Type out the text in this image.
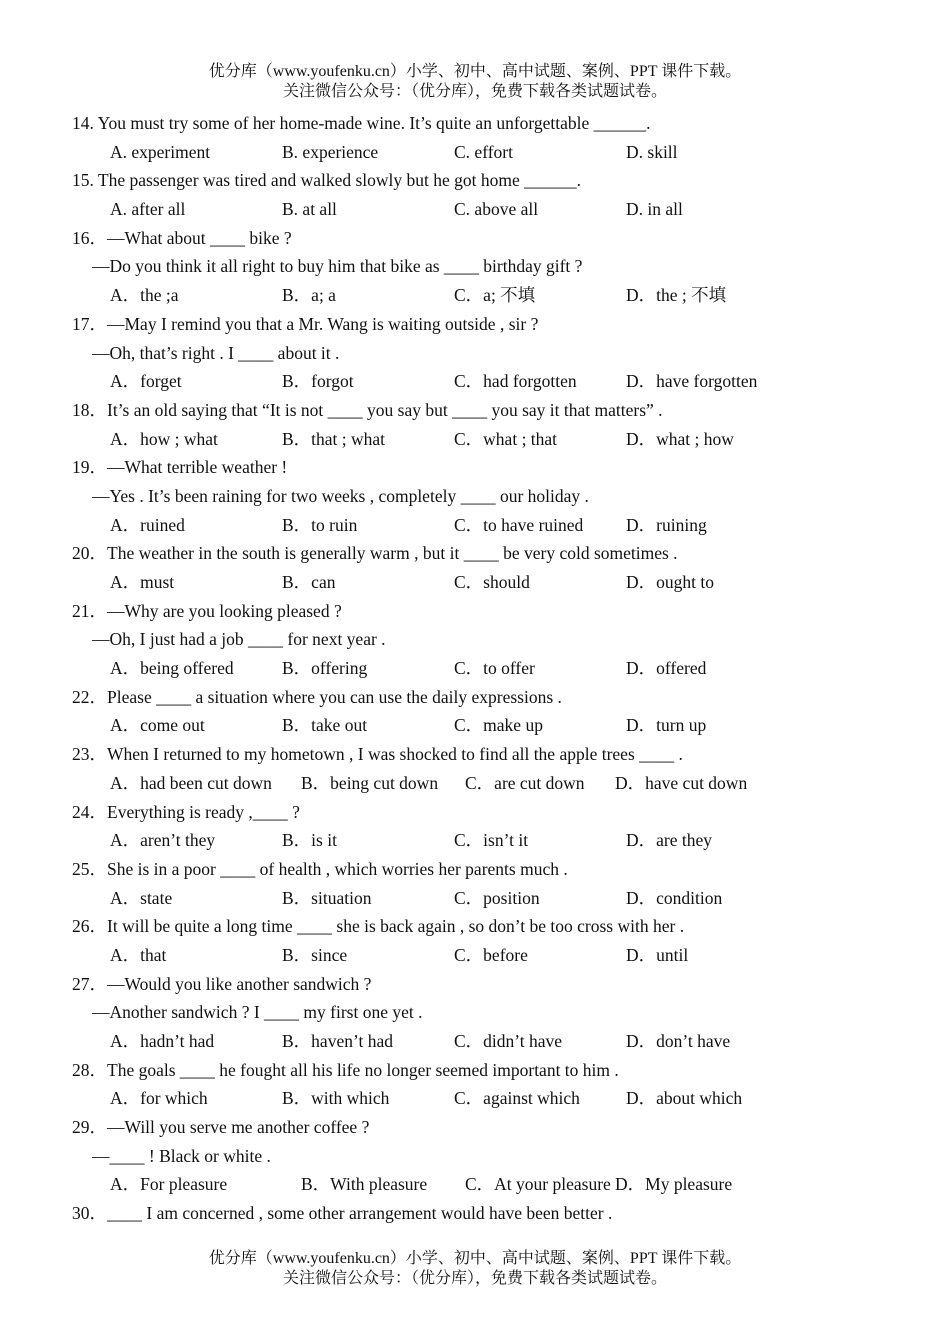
优分库（www.youfenku.cn）小学、初中、高中试题、案例、PPT 课件下载。
关注微信公众号：（优分库），免费下载各类试题试卷。
14. You must try some of her home-made wine. It’s quite an unforgettable ______.
A. experiment	B. experience	C. effort	D. skill
15. The passenger was tired and walked slowly but he got home ______.
A. after all	B. at all	C. above all	D. in all
16．—What about ____ bike ?
—Do you think it all right to buy him that bike as ____ birthday gift ?
A．the ;a	B．a; a	C．a; 不填	D．the ; 不填
17．—May I remind you that a Mr. Wang is waiting outside , sir ?
—Oh, that’s right . I ____ about it .
A．forget	B．forgot	C．had forgotten	D．have forgotten
18．It’s an old saying that “It is not ____ you say but ____ you say it that matters” .
A．how ; what	B．that ; what	C．what ; that	D．what ; how
19．—What terrible weather !
—Yes . It’s been raining for two weeks , completely ____ our holiday .
A．ruined	B．to ruin	C．to have ruined D．ruining
20．The weather in the south is generally warm , but it ____ be very cold sometimes .
A．must	B．can	C．should	D．ought to
21．—Why are you looking pleased ?
—Oh, I just had a job ____ for next year .
A．being offered	B．offering	C．to offer	D．offered
22．Please ____ a situation where you can use the daily expressions .
A．come out	B．take out	C．make up	D．turn up
23．When I returned to my hometown , I was shocked to find all the apple trees ____ .
A．had been cut down B．being cut down C．are cut down D．have cut down
24．Everything is ready ,____ ?
A．aren’t they	B．is it	C．isn’t it	D．are they
25．She is in a poor ____ of health , which worries her parents much .
A．state	B．situation	C．position	D．condition
26．It will be quite a long time ____ she is back again , so don’t be too cross with her .
A．that	B．since	C．before	D．until
27．—Would you like another sandwich ?
—Another sandwich ? I ____ my first one yet .
A．hadn’t had	B．haven’t had	C．didn’t have	D．don’t have
28．The goals ____ he fought all his life no longer seemed important to him .
A．for which	B．with which	C．against which	D．about which
29．—Will you serve me another coffee ?
—____ ! Black or white .
A．For pleasure	B．With pleasure C．At your pleasure D．My pleasure
30．____ I am concerned , some other arrangement would have been better .
优分库（www.youfenku.cn）小学、初中、高中试题、案例、PPT 课件下载。
关注微信公众号：（优分库），免费下载各类试题试卷。
